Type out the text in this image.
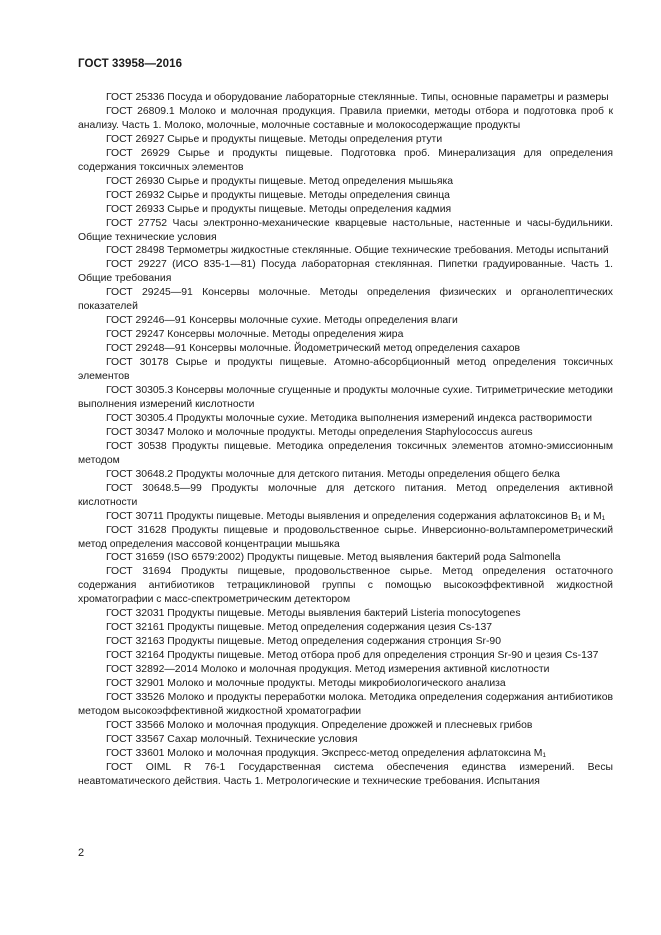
ГОСТ 33958—2016

ГОСТ 25336 Посуда и оборудование лабораторные стеклянные. Типы, основные параметры и размеры

ГОСТ 26809.1 Молоко и молочная продукция. Правила приемки, методы отбора и подготовка проб к анализу. Часть 1. Молоко, молочные, молочные составные и молокосодержащие продукты

ГОСТ 26927 Сырье и продукты пищевые. Методы определения ртути

ГОСТ 26929 Сырье и продукты пищевые. Подготовка проб. Минерализация для определения содержания токсичных элементов

ГОСТ 26930 Сырье и продукты пищевые. Метод определения мышьяка

ГОСТ 26932 Сырье и продукты пищевые. Методы определения свинца

ГОСТ 26933 Сырье и продукты пищевые. Методы определения кадмия

ГОСТ 27752 Часы электронно-механические кварцевые настольные, настенные и часы-будильники. Общие технические условия

ГОСТ 28498 Термометры жидкостные стеклянные. Общие технические требования. Методы испытаний

ГОСТ 29227 (ИСО 835-1—81) Посуда лабораторная стеклянная. Пипетки градуированные. Часть 1. Общие требования

ГОСТ 29245—91 Консервы молочные. Методы определения физических и органолептических показателей

ГОСТ 29246—91 Консервы молочные сухие. Методы определения влаги

ГОСТ 29247 Консервы молочные. Методы определения жира

ГОСТ 29248—91 Консервы молочные. Йодометрический метод определения сахаров

ГОСТ 30178 Сырье и продукты пищевые. Атомно-абсорбционный метод определения токсичных элементов

ГОСТ 30305.3 Консервы молочные сгущенные и продукты молочные сухие. Титриметрические методики выполнения измерений кислотности

ГОСТ 30305.4 Продукты молочные сухие. Методика выполнения измерений индекса растворимости

ГОСТ 30347 Молоко и молочные продукты. Методы определения Staphylococcus aureus

ГОСТ 30538 Продукты пищевые. Методика определения токсичных элементов атомно-эмиссионным методом

ГОСТ 30648.2 Продукты молочные для детского питания. Методы определения общего белка

ГОСТ 30648.5—99 Продукты молочные для детского питания. Метод определения активной кислотности

ГОСТ 30711 Продукты пищевые. Методы выявления и определения содержания афлатоксинов B₁ и M₁

ГОСТ 31628 Продукты пищевые и продовольственное сырье. Инверсионно-вольтамперометрический метод определения массовой концентрации мышьяка

ГОСТ 31659 (ISO 6579:2002) Продукты пищевые. Метод выявления бактерий рода Salmonella

ГОСТ 31694 Продукты пищевые, продовольственное сырье. Метод определения остаточного содержания антибиотиков тетрациклиновой группы с помощью высокоэффективной жидкостной хроматографии с масс-спектрометрическим детектором

ГОСТ 32031 Продукты пищевые. Методы выявления бактерий Listeria monocytogenes

ГОСТ 32161 Продукты пищевые. Метод определения содержания цезия Cs-137

ГОСТ 32163 Продукты пищевые. Метод определения содержания стронция Sr-90

ГОСТ 32164 Продукты пищевые. Метод отбора проб для определения стронция Sr-90 и цезия Cs-137

ГОСТ 32892—2014 Молоко и молочная продукция. Метод измерения активной кислотности

ГОСТ 32901 Молоко и молочные продукты. Методы микробиологического анализа

ГОСТ 33526 Молоко и продукты переработки молока. Методика определения содержания антибиотиков методом высокоэффективной жидкостной хроматографии

ГОСТ 33566 Молоко и молочная продукция. Определение дрожжей и плесневых грибов

ГОСТ 33567 Сахар молочный. Технические условия

ГОСТ 33601 Молоко и молочная продукция. Экспресс-метод определения афлатоксина M₁

ГОСТ OIML R 76-1 Государственная система обеспечения единства измерений. Весы неавтоматического действия. Часть 1. Метрологические и технические требования. Испытания

2
